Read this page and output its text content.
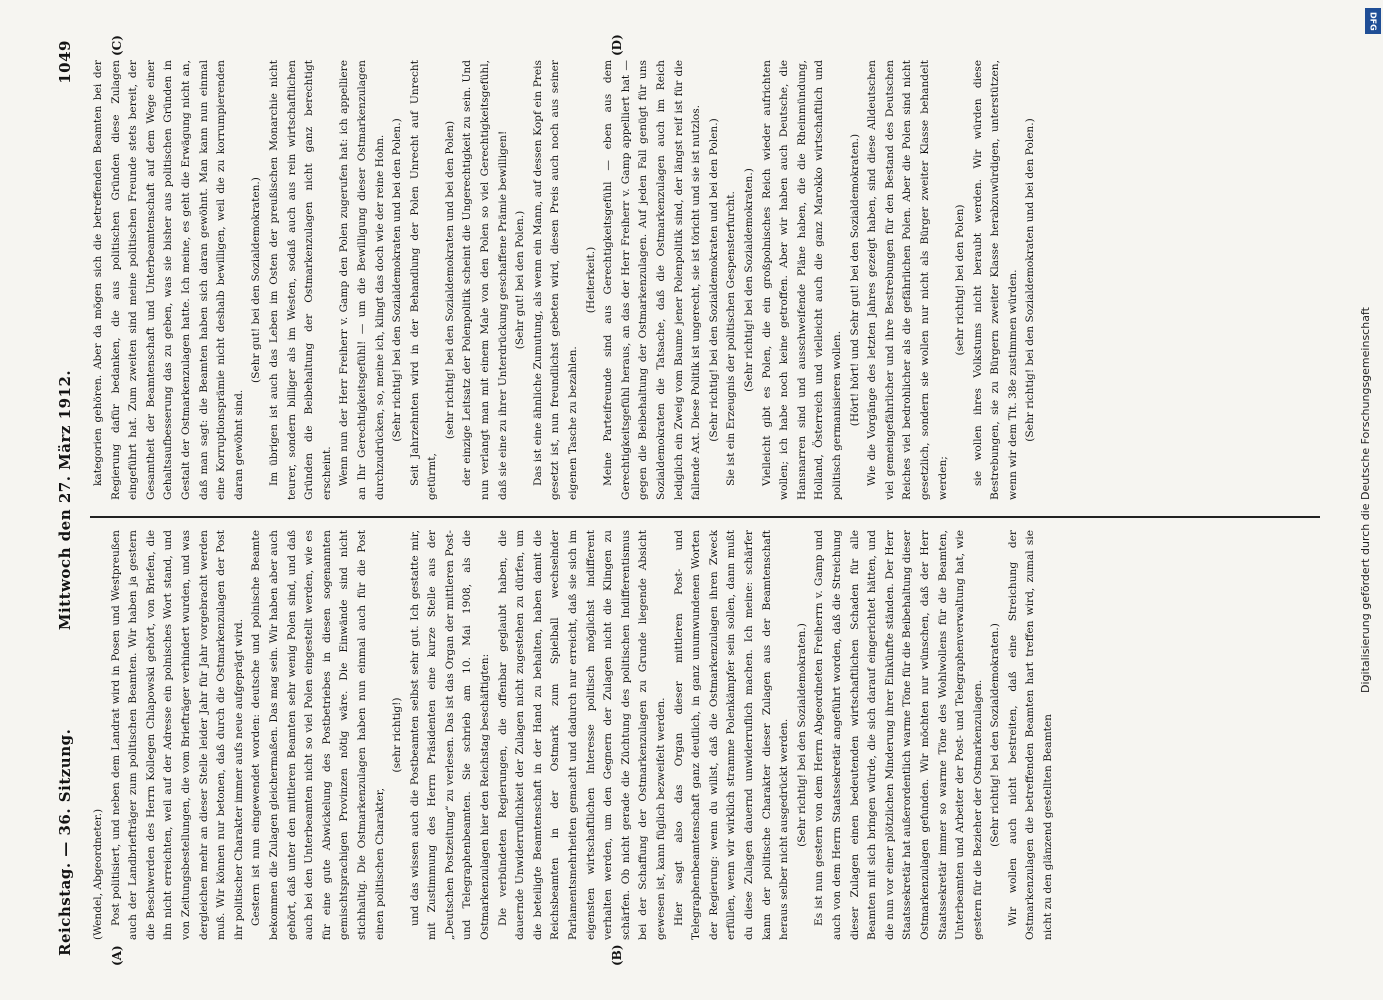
Digitalisierung gefördert durch die Deutsche Forschungsgemeinschaft
DFG
Reichstag. — 36. Sitzung.
Mittwoch den 27. März 1912.
1049
(A)	(B)
(C)	(D)

(Wendel, Abgeordneter.) Post politisiert, und neben dem Landrat wird in Posen und Westpreußen auch der Landbriefträger zum politischen Beamten. Wir haben ja gestern die Beschwerden des Herrn Kollegen Chlapowski gehört, von Briefen, die ihn nicht erreichten, weil auf der Adresse ein polnisches Wort stand, und von Zeitungsbestellungen, die vom Briefträger verhindert wurden, und was dergleichen mehr an dieser Stelle leider Jahr für Jahr vorgebracht werden muß. Wir können nur betonen, daß durch die Ostmarkenzulagen der Post ihr politischer Charakter immer aufs neue aufgeprägt wird. Gestern ist nun eingewendet worden: deutsche und polnische Beamte bekommen die Zulagen gleichermaßen. Das mag sein. Wir haben aber auch gehört, daß unter den mittleren Beamten sehr wenig Polen sind, und daß auch bei den Unterbeamten nicht so viel Polen eingestellt werden, wie es für eine gute Abwickelung des Postbetriebes in diesen sogenannten gemischtsprachigen Provinzen nötig wäre. Die Einwände sind nicht stichhaltig. Die Ostmarkenzulagen haben nun einmal auch für die Post einen politischen Charakter,

(sehr richtig!) und das wissen auch die Postbeamten selbst sehr gut. Ich gestatte mir, mit Zustimmung des Herrn Präsidenten eine kurze Stelle aus der „Deutschen Postzeitung“ zu verlesen. Das ist das Organ der mittleren Post- und Telegraphenbeamten. Sie schrieb am 10. Mai 1908, als die Ostmarkenzulagen hier den Reichstag beschäftigten: Die verbündeten Regierungen, die offenbar geglaubt haben, die dauernde Unwiderruflichkeit der Zulagen nicht zugestehen zu dürfen, um die beteiligte Beamtenschaft in der Hand zu behalten, haben damit die Reichsbeamten in der Ostmark zum Spielball wechselnder Parlamentsmehrheiten gemacht und dadurch nur erreicht, daß sie sich im eigensten wirtschaftlichen Interesse politisch möglichst indifferent verhalten werden, um den Gegnern der Zulagen nicht die Klingen zu schärfen. Ob nicht gerade die Züchtung des politischen Indifferentismus bei der Schaffung der Ostmarkenzulagen zu Grunde liegende Absicht gewesen ist, kann füglich bezweifelt werden. Hier sagt also das Organ dieser mittleren Post- und Telegraphenbeamtenschaft ganz deutlich, in ganz unumwundenen Worten der Regierung: wenn du willst, daß die Ostmarkenzulagen ihren Zweck erfüllen, wenn wir wirklich stramme Polenkämpfer sein sollen, dann mußt du diese Zulagen dauernd unwiderruflich machen. Ich meine: schärfer kann der politische Charakter dieser Zulagen aus der Beamtenschaft heraus selber nicht ausgedrückt werden. (Sehr richtig! bei den Sozialdemokraten.) Es ist nun gestern von dem Herrn Abgeordneten Freiherrn v. Gamp und auch von dem Herrn Staatssekretär angeführt worden, daß die Streichung dieser Zulagen einen bedeutenden wirtschaftlichen Schaden für alle Beamten mit sich bringen würde, die sich darauf eingerichtet hätten, und die nun vor einer plötzlichen Minderung ihrer Einkünfte ständen. Der Herr Staatssekretär hat außerordentlich warme Töne für die Beibehaltung dieser Ostmarkenzulagen gefunden. Wir möchten nur wünschen, daß der Herr Staatssekretär immer so warme Töne des Wohlwollens für die Beamten, Unterbeamten und Arbeiter der Post- und Telegraphenverwaltung hat, wie gestern für die Bezieher der Ostmarkenzulagen. (Sehr richtig! bei den Sozialdemokraten.) Wir wollen auch nicht bestreiten, daß eine Streichung der Ostmarkenzulagen die betreffenden Beamten hart treffen wird, zumal sie nicht zu den glänzend gestellten Beamten

kategorien gehören. Aber da mögen sich die betreffenden Beamten bei der Regierung dafür bedanken, die aus politischen Gründen diese Zulagen eingeführt hat. Zum zweiten sind meine politischen Freunde stets bereit, der Gesamtheit der Beamtenschaft und Unterbeamtenschaft auf dem Wege einer Gehaltsaufbesserung das zu geben, was sie bisher aus politischen Gründen in Gestalt der Ostmarkenzulagen hatte. Ich meine, es geht die Erwägung nicht an, daß man sagt: die Beamten haben sich daran gewöhnt. Man kann nun einmal eine Korruptionsprämie nicht deshalb bewilligen, weil die zu korrumpierenden daran gewöhnt sind.

(Sehr gut! bei den Sozialdemokraten.) Im übrigen ist auch das Leben im Osten der preußischen Monarchie nicht teurer, sondern billiger als im Westen, sodaß auch aus rein wirtschaftlichen Gründen die Beibehaltung der Ostmarkenzulagen nicht ganz berechtigt erscheint. Wenn nun der Herr Freiherr v. Gamp den Polen zugerufen hat: ich appelliere an Ihr Gerechtigkeitsgefühl! — um die Bewilligung dieser Ostmarkenzulagen durchzudrücken, so, meine ich, klingt das doch wie der reine Hohn. (Sehr richtig! bei den Sozialdemokraten und bei den Polen.) Seit Jahrzehnten wird in der Behandlung der Polen Unrecht auf Unrecht getürmt,

(sehr richtig! bei den Sozialdemokraten und bei den Polen) der einzige Leitsatz der Polenpolitik scheint die Ungerechtigkeit zu sein. Und nun verlangt man mit einem Male von den Polen so viel Gerechtigkeitsgefühl, daß sie eine zu ihrer Unterdrückung geschaffene Prämie bewilligen! (Sehr gut! bei den Polen.) Das ist eine ähnliche Zumutung, als wenn ein Mann, auf dessen Kopf ein Preis gesetzt ist, nun freundlichst gebeten wird, diesen Preis auch noch aus seiner eigenen Tasche zu bezahlen.

(Heiterkeit.) Meine Parteifreunde sind aus Gerechtigkeitsgefühl — eben aus dem Gerechtigkeitsgefühl heraus, an das der Herr Freiherr v. Gamp appelliert hat — gegen die Beibehaltung der Ostmarkenzulagen. Auf jeden Fall genügt für uns Sozialdemokraten die Tatsache, daß die Ostmarkenzulagen auch im Reich lediglich ein Zweig vom Baume jener Polenpolitik sind, der längst reif ist für die fallende Axt. Diese Politik ist ungerecht, sie ist töricht und sie ist nutzlos. (Sehr richtig! bei den Sozialdemokraten und bei den Polen.) Sie ist ein Erzeugnis der politischen Gespensterfurcht. (Sehr richtig! bei den Sozialdemokraten.) Vielleicht gibt es Polen, die ein großpolnisches Reich wieder aufrichten wollen; ich habe noch keine getroffen. Aber wir haben auch Deutsche, die Hansnarren sind und ausschweifende Pläne haben, die die Rheinmündung, Holland, Österreich und vielleicht auch die ganz Marokko wirtschaftlich und politisch germanisieren wollen. (Hört! hört! und Sehr gut! bei den Sozialdemokraten.) Wie die Vorgänge des letzten Jahres gezeigt haben, sind diese Alldeutschen viel gemeingefährlicher und ihre Bestrebungen für den Bestand des Deutschen Reiches viel bedrohlicher als die gefährlichen Polen. Aber die Polen sind nicht gesetzlich, sondern sie wollen nur nicht als Bürger zweiter Klasse behandelt werden;

(sehr richtig! bei den Polen) sie wollen ihres Volkstums nicht beraubt werden. Wir würden diese Bestrebungen, sie zu Bürgern zweiter Klasse herabzuwürdigen, unterstützen, wenn wir dem Tit. 38e zustimmen würden. (Sehr richtig! bei den Sozialdemokraten und bei den Polen.)
